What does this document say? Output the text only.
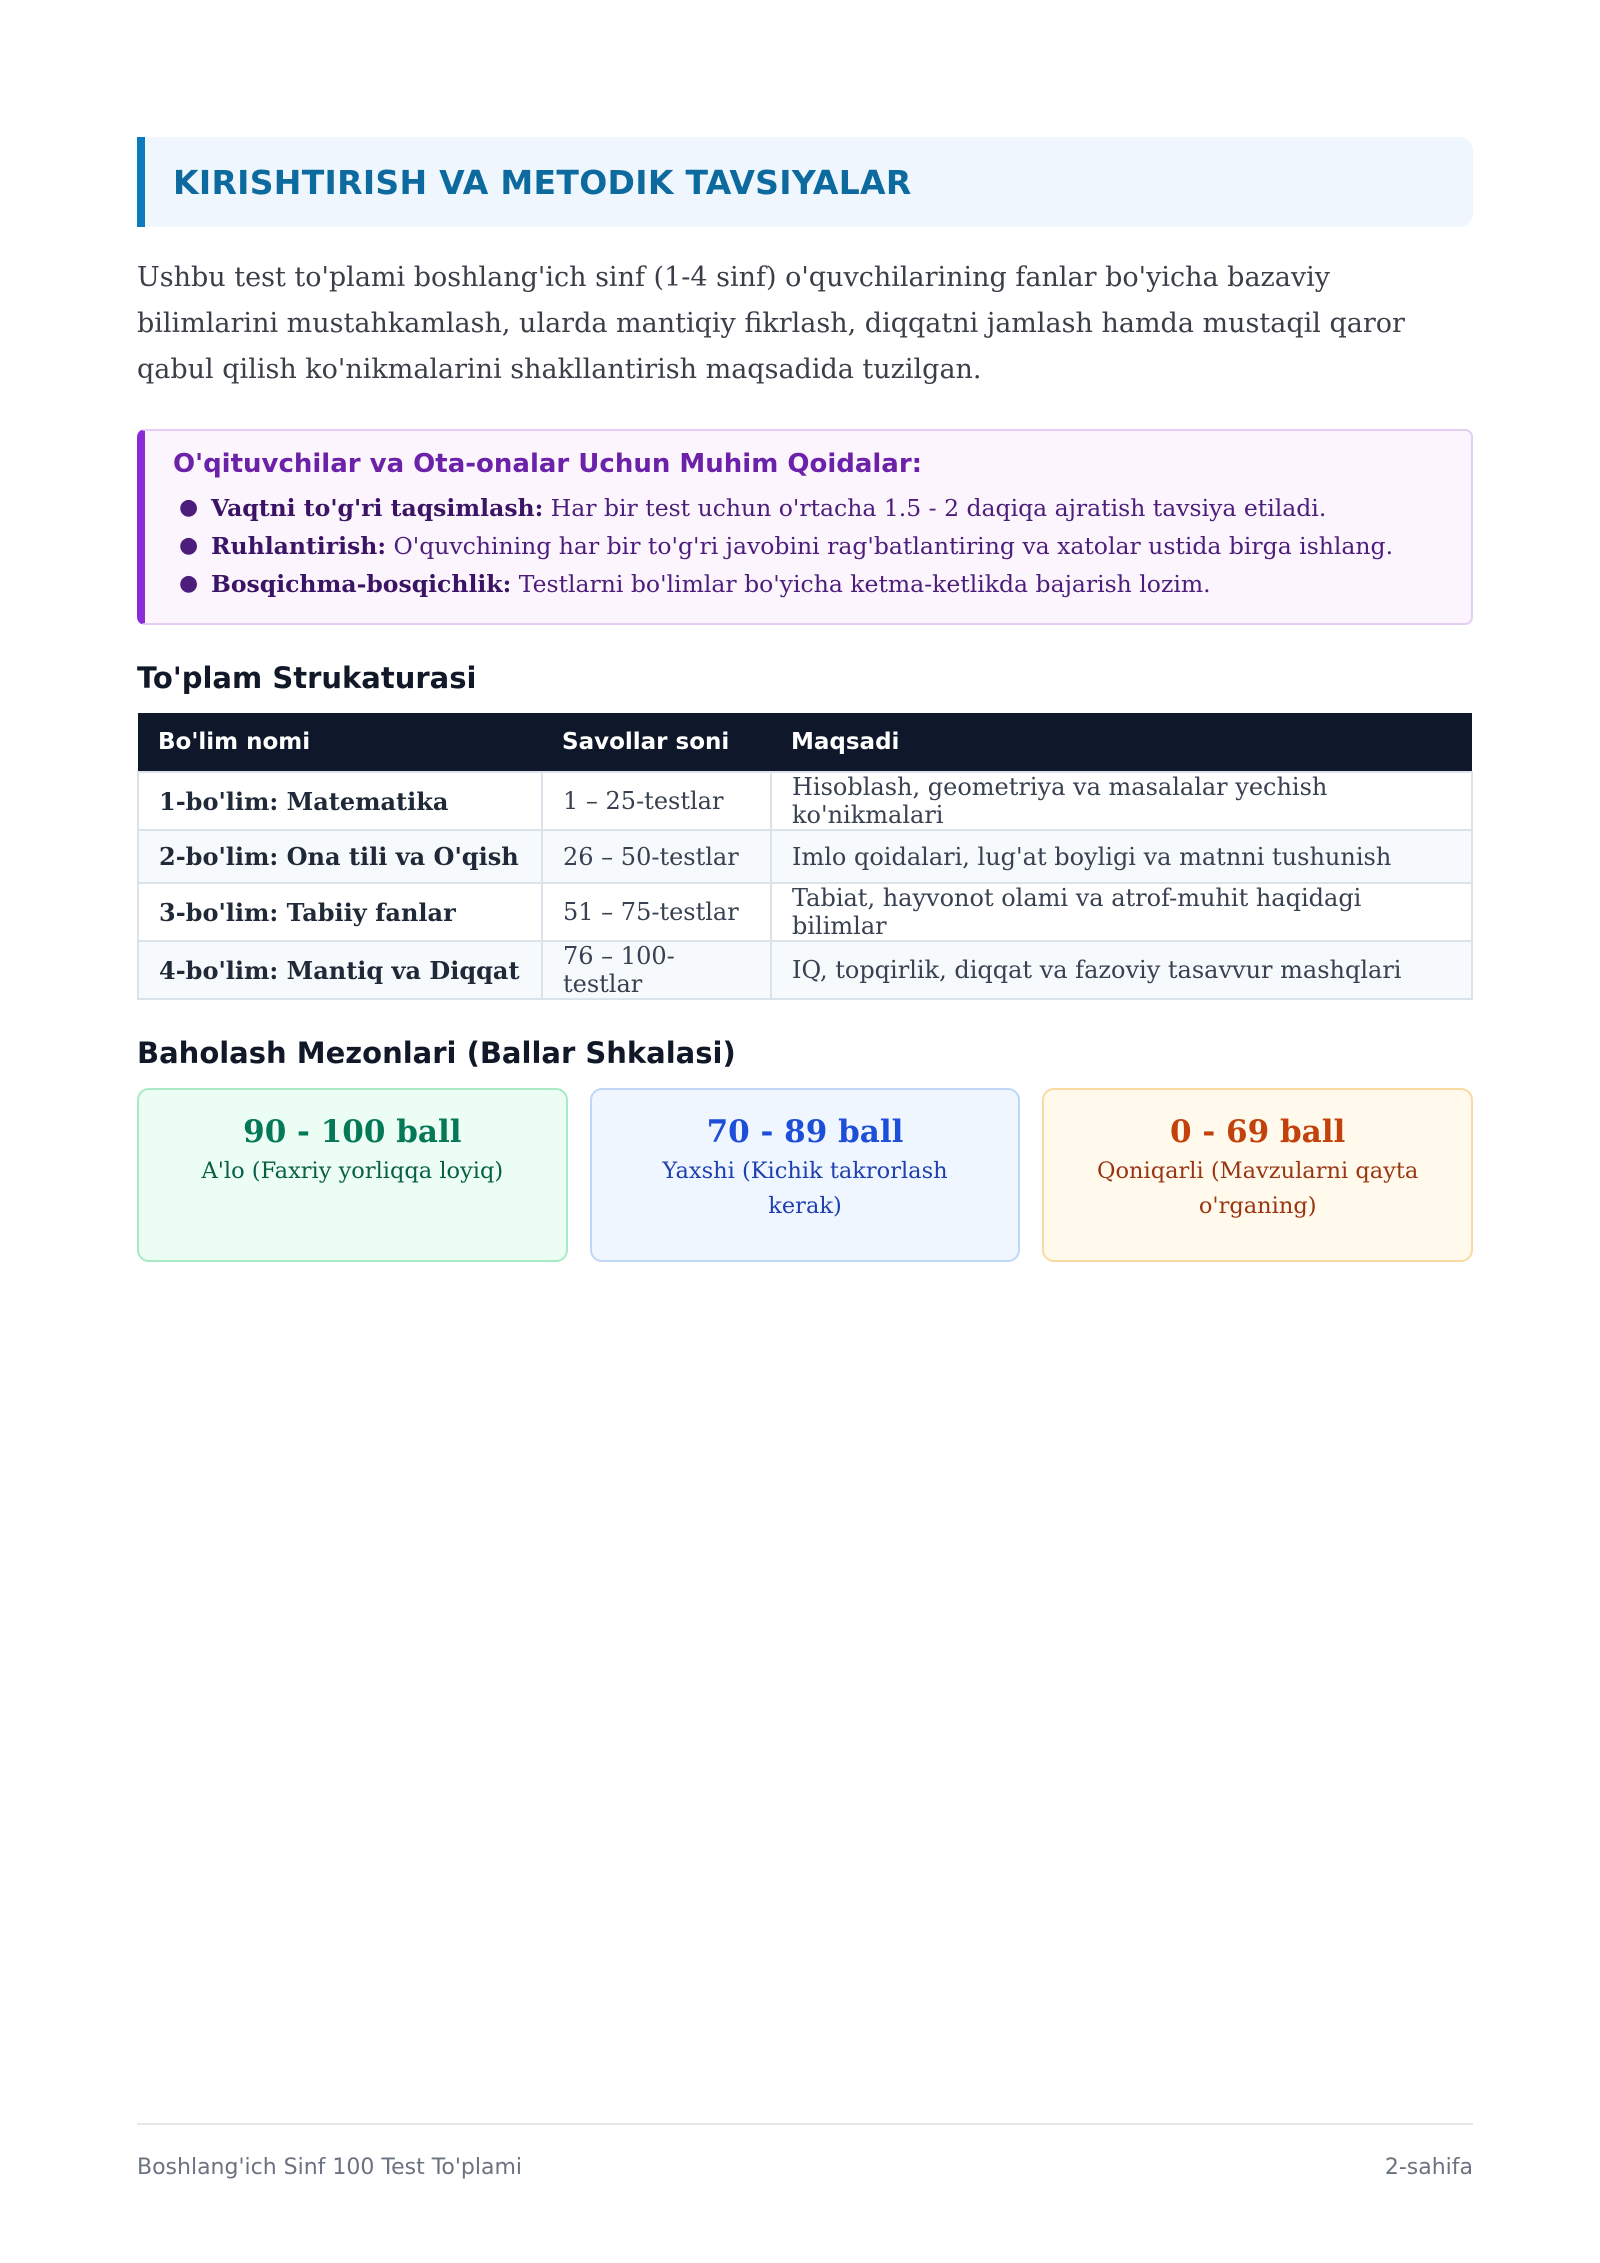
KIRISHTIRISH VA METODIK TAVSIYALAR

Ushbu test to'plami boshlang'ich sinf (1-4 sinf) o'quvchilarining fanlar bo'yicha bazaviy bilimlarini mustahkamlash, ularda mantiqiy fikrlash, diqqatni jamlash hamda mustaqil qaror qabul qilish ko'nikmalarini shakllantirish maqsadida tuzilgan.

O'qituvchilar va Ota-onalar Uchun Muhim Qoidalar:
● Vaqtni to'g'ri taqsimlash: Har bir test uchun o'rtacha 1.5 - 2 daqiqa ajratish tavsiya etiladi.
● Ruhlantirish: O'quvchining har bir to'g'ri javobini rag'batlantiring va xatolar ustida birga ishlang.
● Bosqichma-bosqichlik: Testlarni bo'limlar bo'yicha ketma-ketlikda bajarish lozim.
To'plam Strukaturasi
Bo'lim nomi	Savollar soni	Maqsadi
1-bo'lim: Matematika	1 – 25-testlar	Hisoblash, geometriya va masalalar yechish ko'nikmalari
2-bo'lim: Ona tili va O'qish	26 – 50-testlar	Imlo qoidalari, lug'at boyligi va matnni tushunish
3-bo'lim: Tabiiy fanlar	51 – 75-testlar	Tabiat, hayvonot olami va atrof-muhit haqidagi bilimlar
4-bo'lim: Mantiq va Diqqat	76 – 100-testlar	IQ, topqirlik, diqqat va fazoviy tasavvur mashqlari
Baholash Mezonlari (Ballar Shkalasi)
90 - 100 ball
A'lo (Faxriy yorliqqa loyiq)
70 - 89 ball
Yaxshi (Kichik takrorlash kerak)
0 - 69 ball
Qoniqarli (Mavzularni qayta o'rganing)
Boshlang'ich Sinf 100 Test To'plami	2-sahifa
